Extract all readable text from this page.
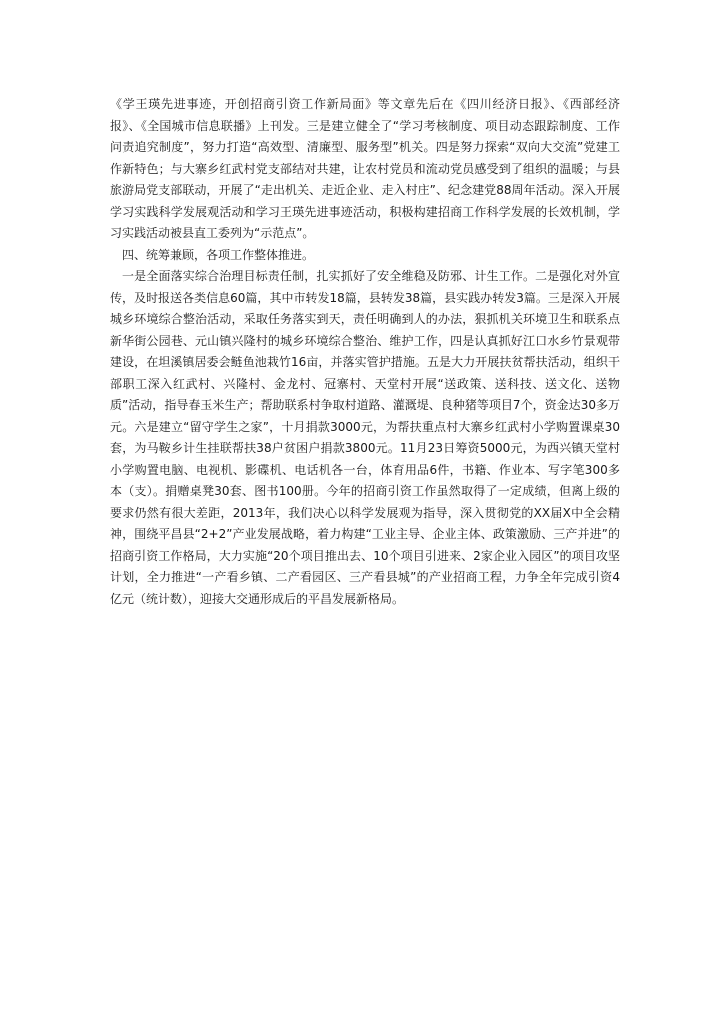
《学王瑛先进事迹，开创招商引资工作新局面》等文章先后在《四川经济日报》、《西部经济报》、《全国城市信息联播》上刊发。三是建立健全了“学习考核制度、项目动态跟踪制度、工作问责追究制度”，努力打造“高效型、清廉型、服务型”机关。四是努力探索“双向大交流”党建工作新特色；与大寨乡红武村党支部结对共建，让农村党员和流动党员感受到了组织的温暖；与县旅游局党支部联动，开展了“走出机关、走近企业、走入村庄”、纪念建党88周年活动。深入开展学习实践科学发展观活动和学习王瑛先进事迹活动，积极构建招商工作科学发展的长效机制，学习实践活动被县直工委列为“示范点”。

四、统筹兼顾，各项工作整体推进。

一是全面落实综合治理目标责任制，扎实抓好了安全维稳及防邪、计生工作。二是强化对外宣传，及时报送各类信息60篇，其中市转发18篇，县转发38篇，县实践办转发3篇。三是深入开展城乡环境综合整治活动，采取任务落实到天，责任明确到人的办法，狠抓机关环境卫生和联系点新华街公园巷、元山镇兴隆村的城乡环境综合整治、维护工作，四是认真抓好江口水乡竹景观带建设，在坦溪镇居委会鲢鱼池栽竹16亩，并落实管护措施。五是大力开展扶贫帮扶活动，组织干部职工深入红武村、兴隆村、金龙村、冠寨村、天堂村开展“送政策、送科技、送文化、送物质”活动，指导春玉米生产；帮助联系村争取村道路、灌溉堤、良种猪等项目7个，资金达30多万元。六是建立“留守学生之家”，十月捐款3000元，为帮扶重点村大寨乡红武村小学购置课桌30套，为马鞍乡计生挂联帮扶38户贫困户捐款3800元。11月23日筹资5000元，为西兴镇天堂村小学购置电脑、电视机、影碟机、电话机各一台，体育用品6件，书籍、作业本、写字笔300多本（支）。捐赠桌凳30套、图书100册。今年的招商引资工作虽然取得了一定成绩，但离上级的要求仍然有很大差距，2013年，我们决心以科学发展观为指导，深入贯彻党的XX届X中全会精神，围绕平昌县“2+2”产业发展战略，着力构建“工业主导、企业主体、政策激励、三产并进”的招商引资工作格局，大力实施“20个项目推出去、10个项目引进来、2家企业入园区”的项目攻坚计划，全力推进“一产看乡镇、二产看园区、三产看县城”的产业招商工程，力争全年完成引资4亿元（统计数），迎接大交通形成后的平昌发展新格局。
